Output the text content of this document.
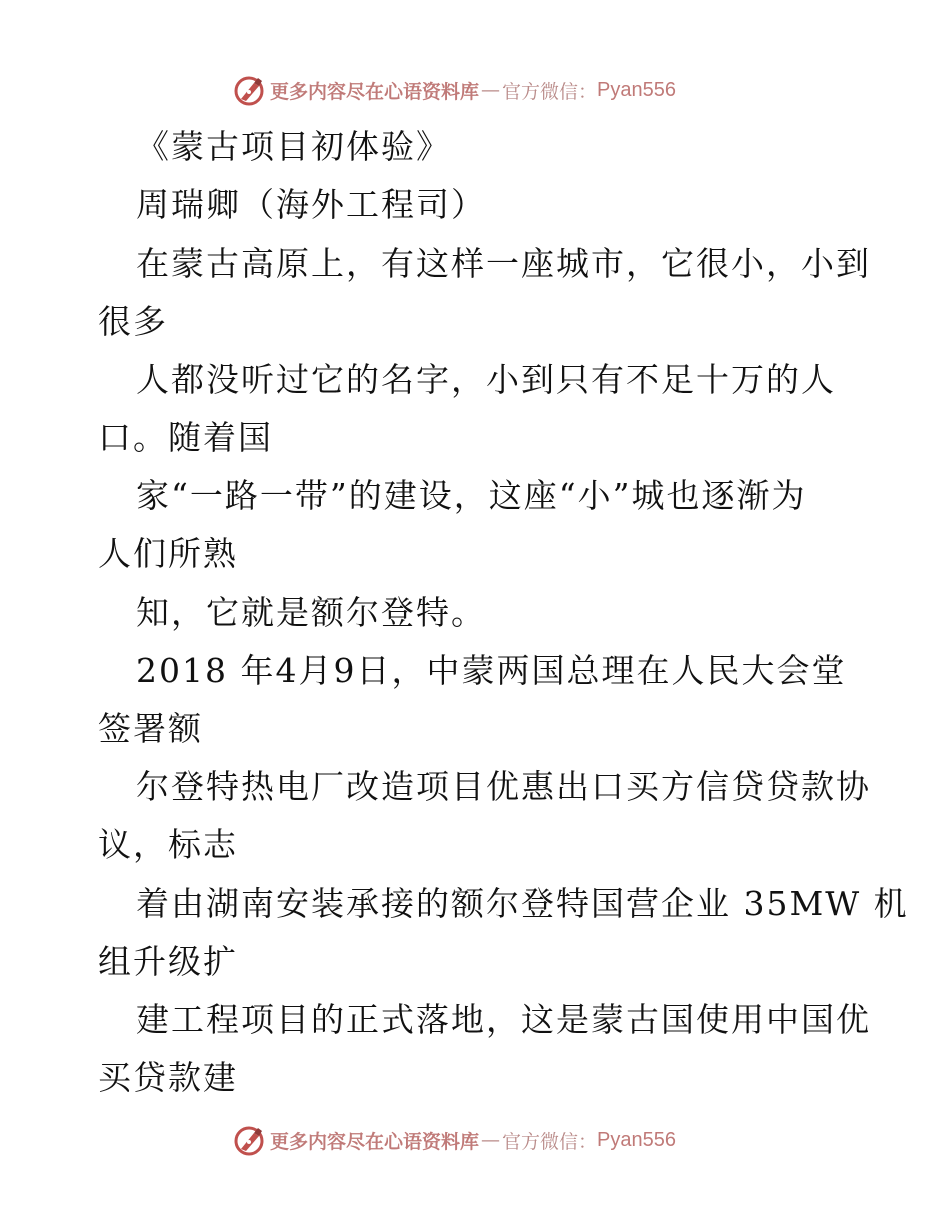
更多内容尽在心语资料库 — 官方微信： Pyan556
《蒙古项目初体验》
周瑞卿（海外工程司）
在蒙古高原上，有这样一座城市，它很小，小到
很多
人都没听过它的名字，小到只有不足十万的人
口。随着国
家“一路一带”的建设，这座“小”城也逐渐为
人们所熟
知，它就是额尔登特。
2018 年4月9日，中蒙两国总理在人民大会堂
签署额
尔登特热电厂改造项目优惠出口买方信贷贷款协
议，标志
着由湖南安装承接的额尔登特国营企业 35MW 机
组升级扩
建工程项目的正式落地，这是蒙古国使用中国优
买贷款建
更多内容尽在心语资料库 — 官方微信： Pyan556
